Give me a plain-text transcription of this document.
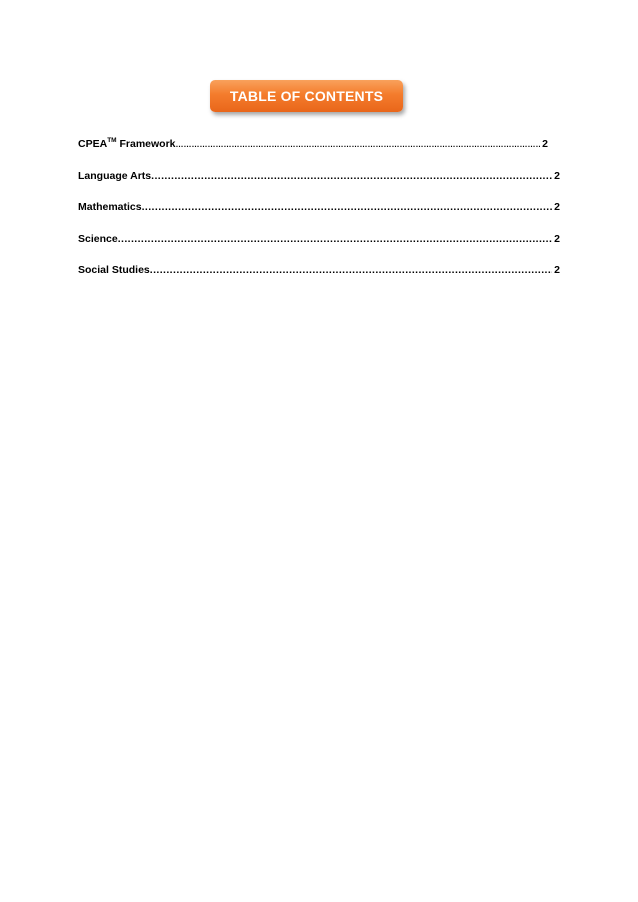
TABLE OF CONTENTS
CPEA™ Framework ………………………………………………………………………………………………………………………………………………………………………	2
Language Arts .....	2
Mathematics .....	2
Science .....	2
Social Studies .....	2
